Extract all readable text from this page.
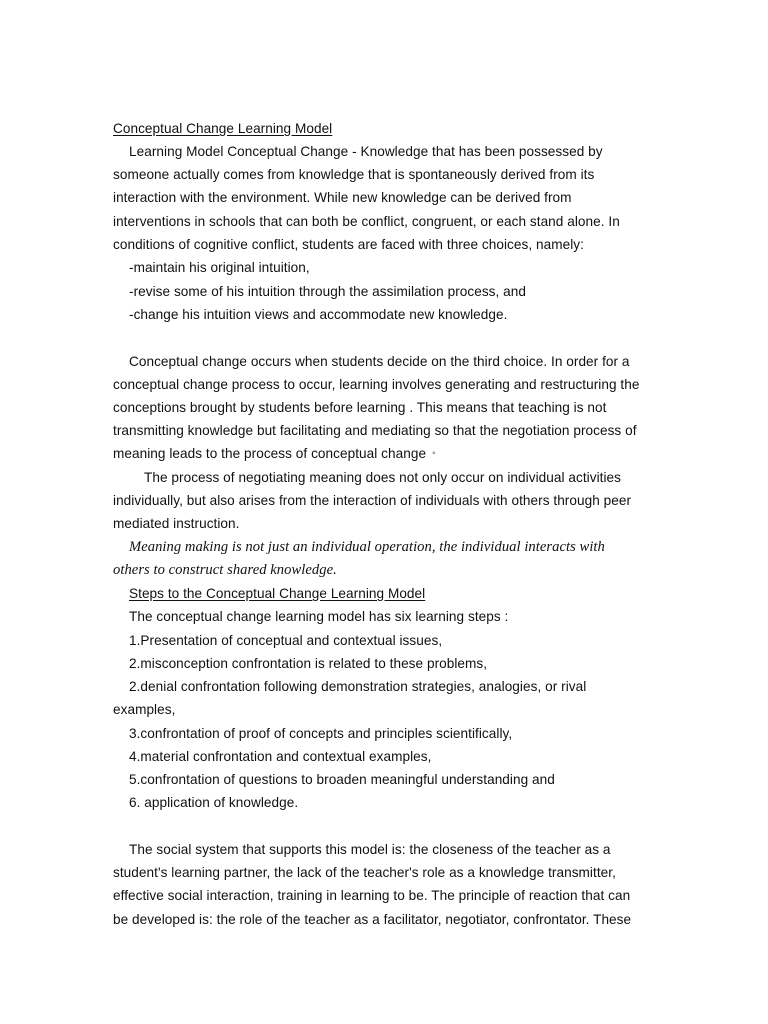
Conceptual Change Learning Model
Learning Model Conceptual Change - Knowledge that has been possessed by
someone actually comes from knowledge that is spontaneously derived from its
interaction with the environment. While new knowledge can be derived from
interventions in schools that can both be conflict, congruent, or each stand alone. In
conditions of cognitive conflict, students are faced with three choices, namely:
-maintain his original intuition,
-revise some of his intuition through the assimilation process, and
-change his intuition views and accommodate new knowledge.
Conceptual change occurs when students decide on the third choice. In order for a
conceptual change process to occur, learning involves generating and restructuring the
conceptions brought by students before learning . This means that teaching is not
transmitting knowledge but facilitating and mediating so that the negotiation process of
meaning leads to the process of conceptual change ◦
The process of negotiating meaning does not only occur on individual activities
individually, but also arises from the interaction of individuals with others through peer
mediated instruction.
Meaning making is not just an individual operation, the individual interacts with
others to construct shared knowledge.
Steps to the Conceptual Change Learning Model
The conceptual change learning model has six learning steps :
1.Presentation of conceptual and contextual issues,
2.misconception confrontation is related to these problems,
2.denial confrontation following demonstration strategies, analogies, or rival
examples,
3.confrontation of proof of concepts and principles scientifically,
4.material confrontation and contextual examples,
5.confrontation of questions to broaden meaningful understanding and
6. application of knowledge.
The social system that supports this model is: the closeness of the teacher as a
student's learning partner, the lack of the teacher's role as a knowledge transmitter,
effective social interaction, training in learning to be. The principle of reaction that can
be developed is: the role of the teacher as a facilitator, negotiator, confrontator. These
